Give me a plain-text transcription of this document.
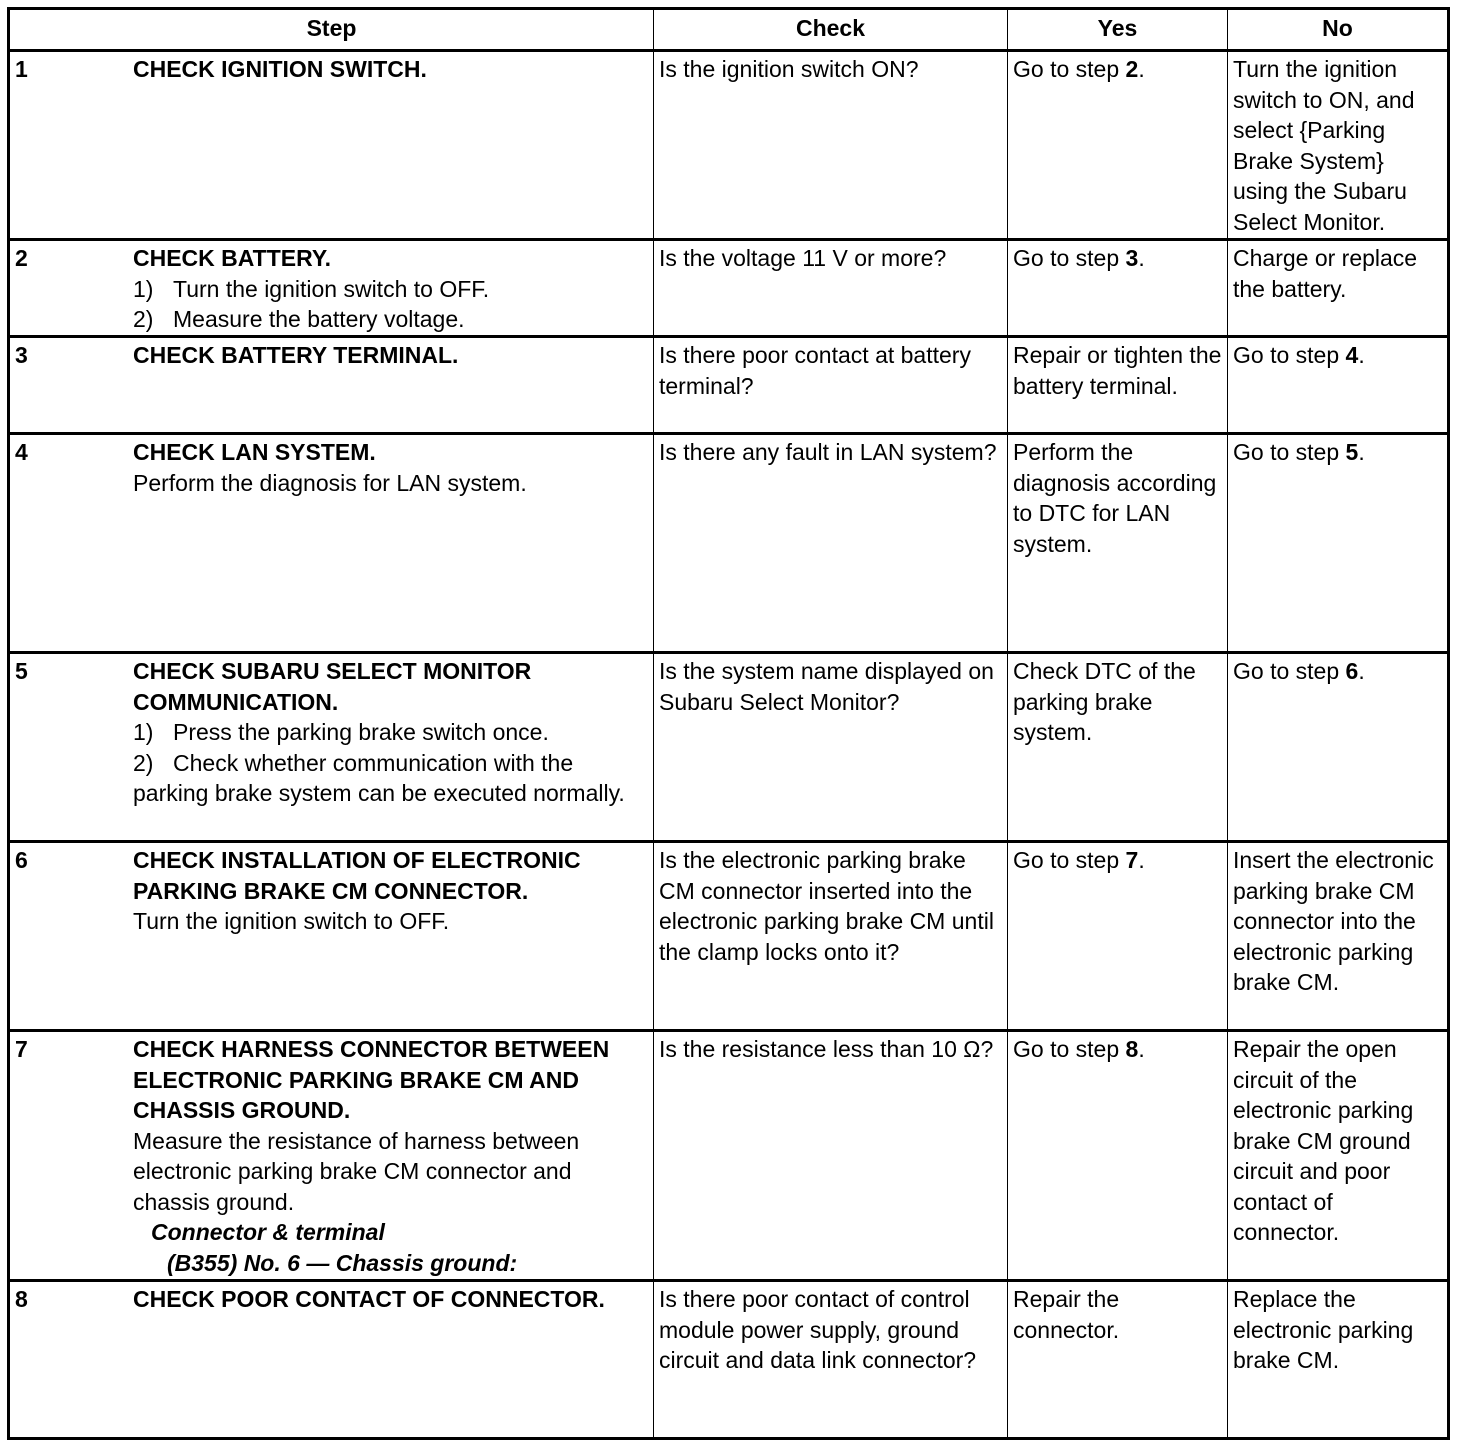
Step	Check	Yes	No

1 CHECK IGNITION SWITCH.	Is the ignition switch ON?	Go to step 2.	Turn the ignition switch to ON, and select {Parking Brake System} using the Subaru Select Monitor.

2 CHECK BATTERY.
1) Turn the ignition switch to OFF.
2) Measure the battery voltage.	Is the voltage 11 V or more?	Go to step 3.	Charge or replace the battery.

3 CHECK BATTERY TERMINAL.	Is there poor contact at battery terminal?	Repair or tighten the battery terminal.	Go to step 4.

4 CHECK LAN SYSTEM.
Perform the diagnosis for LAN system.	Is there any fault in LAN system?	Perform the diagnosis according to DTC for LAN system.	Go to step 5.

5 CHECK SUBARU SELECT MONITOR COMMUNICATION.
1) Press the parking brake switch once.
2) Check whether communication with the parking brake system can be executed normally.	Is the system name displayed on Subaru Select Monitor?	Check DTC of the parking brake system.	Go to step 6.

6 CHECK INSTALLATION OF ELECTRONIC PARKING BRAKE CM CONNECTOR.
Turn the ignition switch to OFF.	Is the electronic parking brake CM connector inserted into the electronic parking brake CM until the clamp locks onto it?	Go to step 7.	Insert the electronic parking brake CM connector into the electronic parking brake CM.

7 CHECK HARNESS CONNECTOR BETWEEN ELECTRONIC PARKING BRAKE CM AND CHASSIS GROUND.
Measure the resistance of harness between electronic parking brake CM connector and chassis ground.
Connector & terminal
(B355) No. 6 — Chassis ground:	Is the resistance less than 10 Ω?	Go to step 8.	Repair the open circuit of the electronic parking brake CM ground circuit and poor contact of connector.

8 CHECK POOR CONTACT OF CONNECTOR.	Is there poor contact of control module power supply, ground circuit and data link connector?	Repair the connector.	Replace the electronic parking brake CM.
